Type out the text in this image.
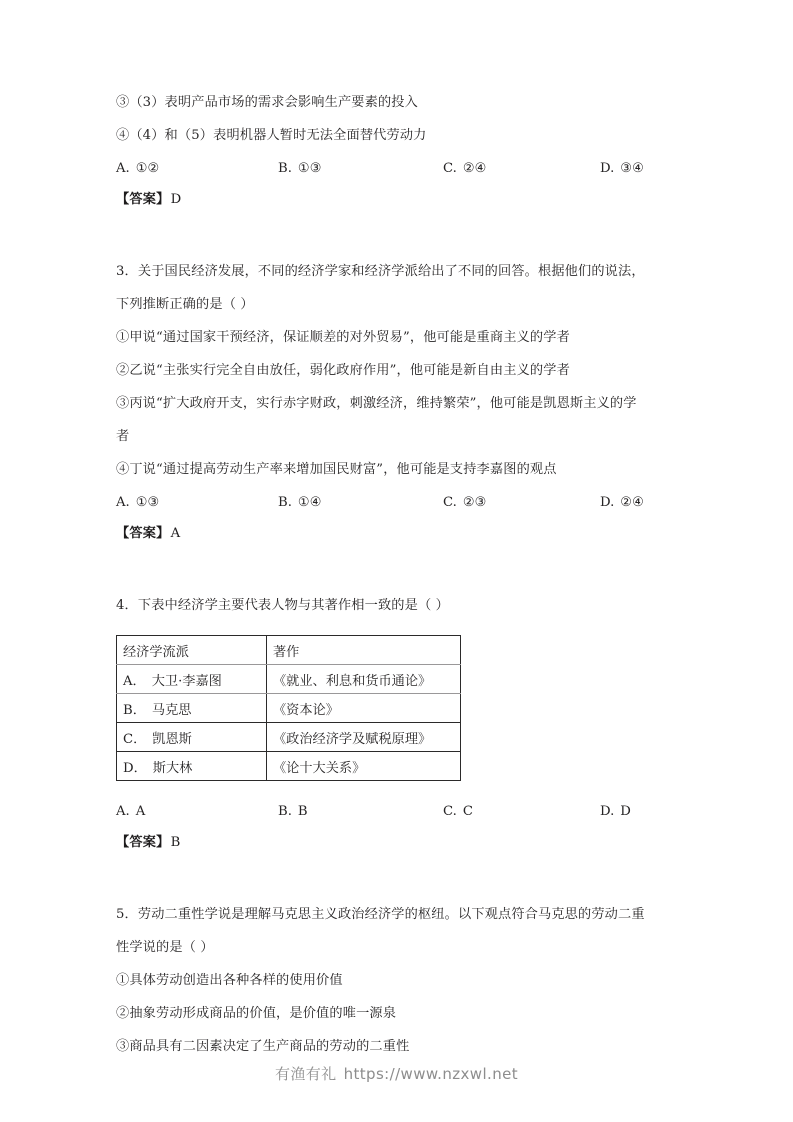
③（3）表明产品市场的需求会影响生产要素的投入
④（4）和（5）表明机器人暂时无法全面替代劳动力
A. ①②	B. ①③	C. ②④	D. ③④
【答案】D
3．关于国民经济发展，不同的经济学家和经济学派给出了不同的回答。根据他们的说法，
下列推断正确的是（ ）
①甲说“通过国家干预经济，保证顺差的对外贸易”，他可能是重商主义的学者
②乙说“主张实行完全自由放任，弱化政府作用”，他可能是新自由主义的学者
③丙说“扩大政府开支，实行赤字财政，刺激经济，维持繁荣”，他可能是凯恩斯主义的学
者
④丁说“通过提高劳动生产率来增加国民财富”，他可能是支持李嘉图的观点
A. ①③	B. ①④	C. ②③	D. ②④
【答案】A
4．下表中经济学主要代表人物与其著作相一致的是（ ）
经济学流派	著作
A． 大卫·李嘉图	《就业、利息和货币通论》
B． 马克思	《资本论》
C． 凯恩斯	《政治经济学及赋税原理》
D． 斯大林	《论十大关系》
A. A	B. B	C. C	D. D
【答案】B
5．劳动二重性学说是理解马克思主义政治经济学的枢纽。以下观点符合马克思的劳动二重
性学说的是（ ）
①具体劳动创造出各种各样的使用价值
②抽象劳动形成商品的价值，是价值的唯一源泉
③商品具有二因素决定了生产商品的劳动的二重性
有渔有礼 https://www.nzxwl.net
